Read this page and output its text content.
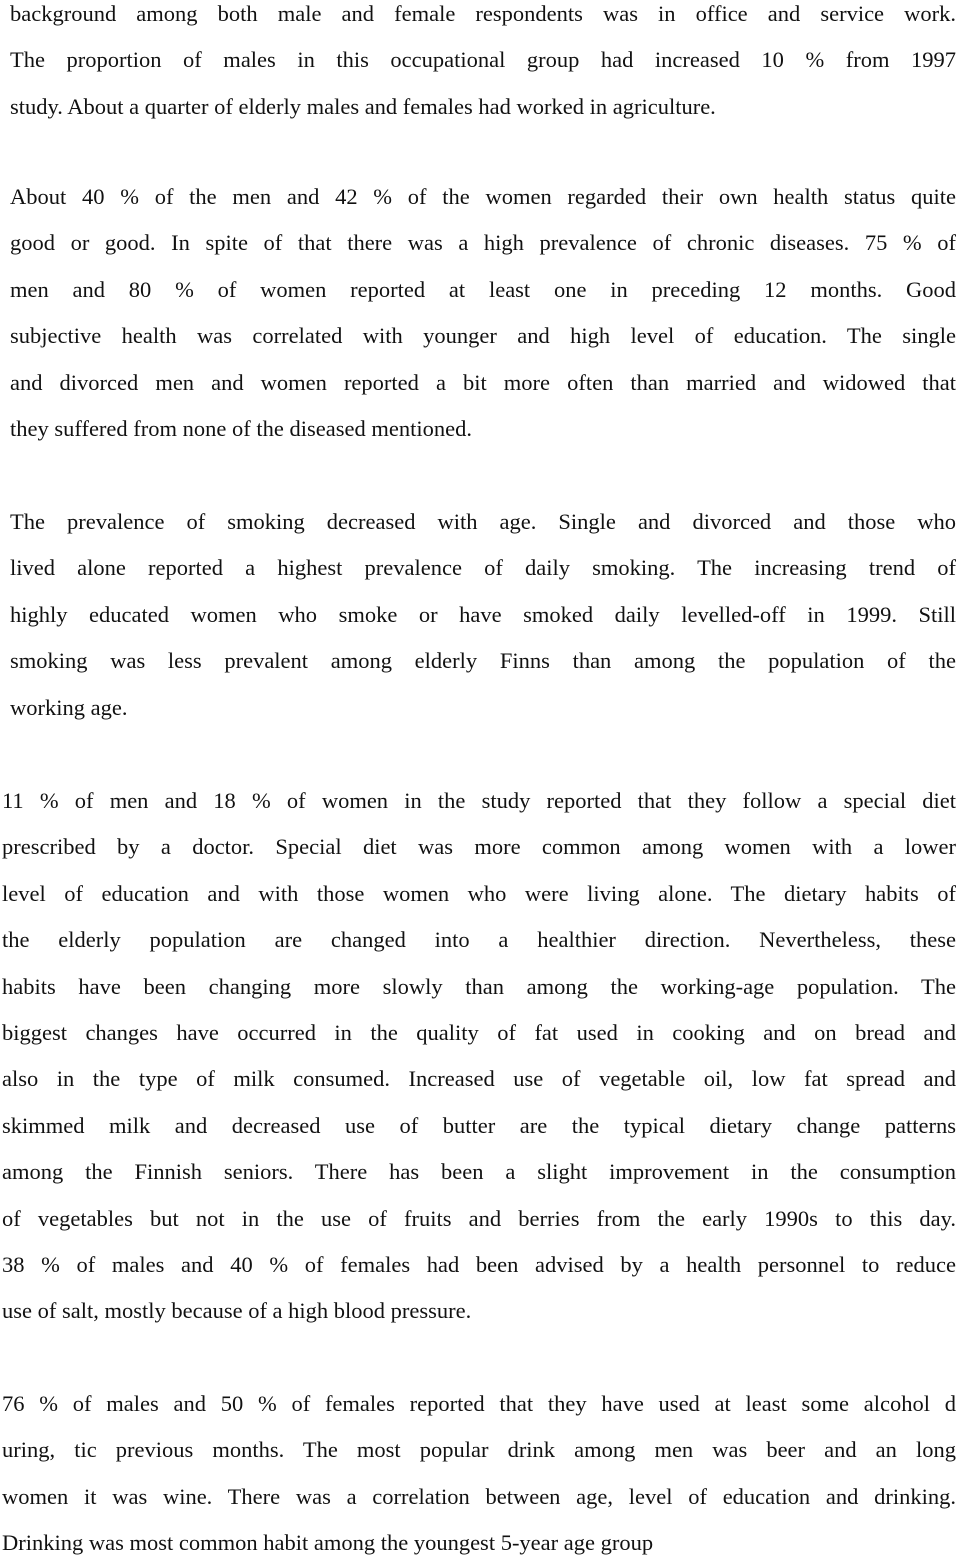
background among both male and female respondents was in office and service work.
The proportion of males in this occupational group had increased 10 % from 1997
study. About a quarter of elderly males and females had worked in agriculture.
About 40 % of the men and 42 % of the women regarded their own health status quite
good or good. In spite of that there was a high prevalence of chronic diseases. 75 % of
men and 80 % of women reported at least one in preceding 12 months. Good
subjective health was correlated with younger and high level of education. The single
and divorced men and women reported a bit more often than married and widowed that
they suffered from none of the diseased mentioned.
The prevalence of smoking decreased with age. Single and divorced and those who
lived alone reported a highest prevalence of daily smoking. The increasing trend of
highly educated women who smoke or have smoked daily levelled-off in 1999. Still
smoking was less prevalent among elderly Finns than among the population of the
working age.
11 % of men and 18 % of women in the study reported that they follow a special diet
prescribed by a doctor. Special diet was more common among women with a lower
level of education and with those women who were living alone. The dietary habits of
the elderly population are changed into a healthier direction. Nevertheless, these
habits have been changing more slowly than among the working-age population. The
biggest changes have occurred in the quality of fat used in cooking and on bread and
also in the type of milk consumed. Increased use of vegetable oil, low fat spread and
skimmed milk and decreased use of butter are the typical dietary change patterns
among the Finnish seniors. There has been a slight improvement in the consumption
of vegetables but not in the use of fruits and berries from the early 1990s to this day.
38 % of males and 40 % of females had been advised by a health personnel to reduce
use of salt, mostly because of a high blood pressure.
76 % of males and 50 % of females reported that they have used at least some alcohol d
uring, tic previous months. The most popular drink among men was beer and an long
women it was wine. There was a correlation between age, level of education and drinking.
Drinking was most common habit among the youngest 5-year age group
